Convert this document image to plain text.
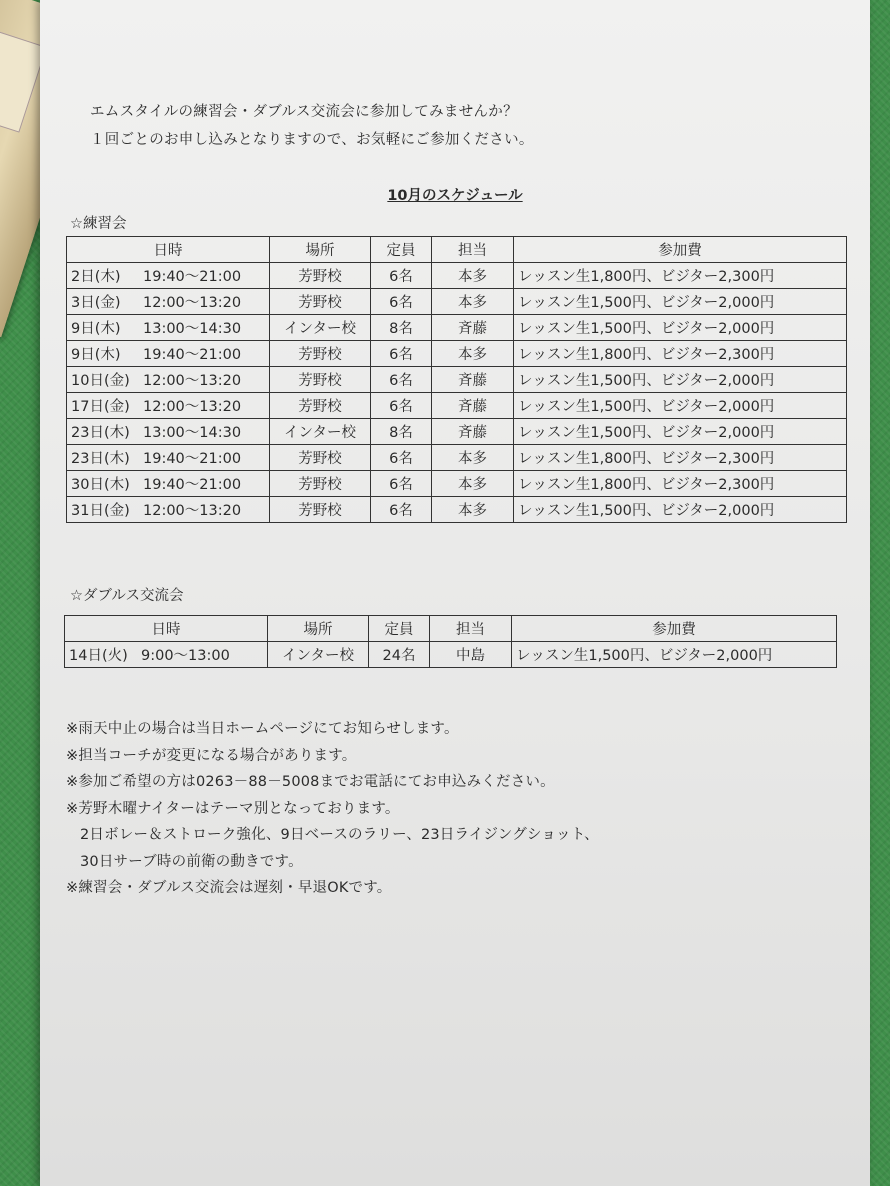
エムスタイルの練習会・ダブルス交流会に参加してみませんか？
１回ごとのお申し込みとなりますので、お気軽にご参加ください。
10月のスケジュール
☆練習会
日時	場所	定員	担当	参加費
2日(木) 19:40～21:00	芳野校	6名	本多	レッスン生1,800円、ビジター2,300円
3日(金) 12:00～13:20	芳野校	6名	本多	レッスン生1,500円、ビジター2,000円
9日(木) 13:00～14:30	インター校	8名	斉藤	レッスン生1,500円、ビジター2,000円
9日(木) 19:40～21:00	芳野校	6名	本多	レッスン生1,800円、ビジター2,300円
10日(金) 12:00～13:20	芳野校	6名	斉藤	レッスン生1,500円、ビジター2,000円
17日(金) 12:00～13:20	芳野校	6名	斉藤	レッスン生1,500円、ビジター2,000円
23日(木) 13:00～14:30	インター校	8名	斉藤	レッスン生1,500円、ビジター2,000円
23日(木) 19:40～21:00	芳野校	6名	本多	レッスン生1,800円、ビジター2,300円
30日(木) 19:40～21:00	芳野校	6名	本多	レッスン生1,800円、ビジター2,300円
31日(金) 12:00～13:20	芳野校	6名	本多	レッスン生1,500円、ビジター2,000円
☆ダブルス交流会
日時	場所	定員	担当	参加費
14日(火) 9:00～13:00	インター校	24名	中島	レッスン生1,500円、ビジター2,000円
※雨天中止の場合は当日ホームページにてお知らせします。
※担当コーチが変更になる場合があります。
※参加ご希望の方は0263－88－5008までお電話にてお申込みください。
※芳野木曜ナイターはテーマ別となっております。
2日ボレー＆ストローク強化、9日ベースのラリー、23日ライジングショット、
30日サーブ時の前衛の動きです。
※練習会・ダブルス交流会は遅刻・早退OKです。
